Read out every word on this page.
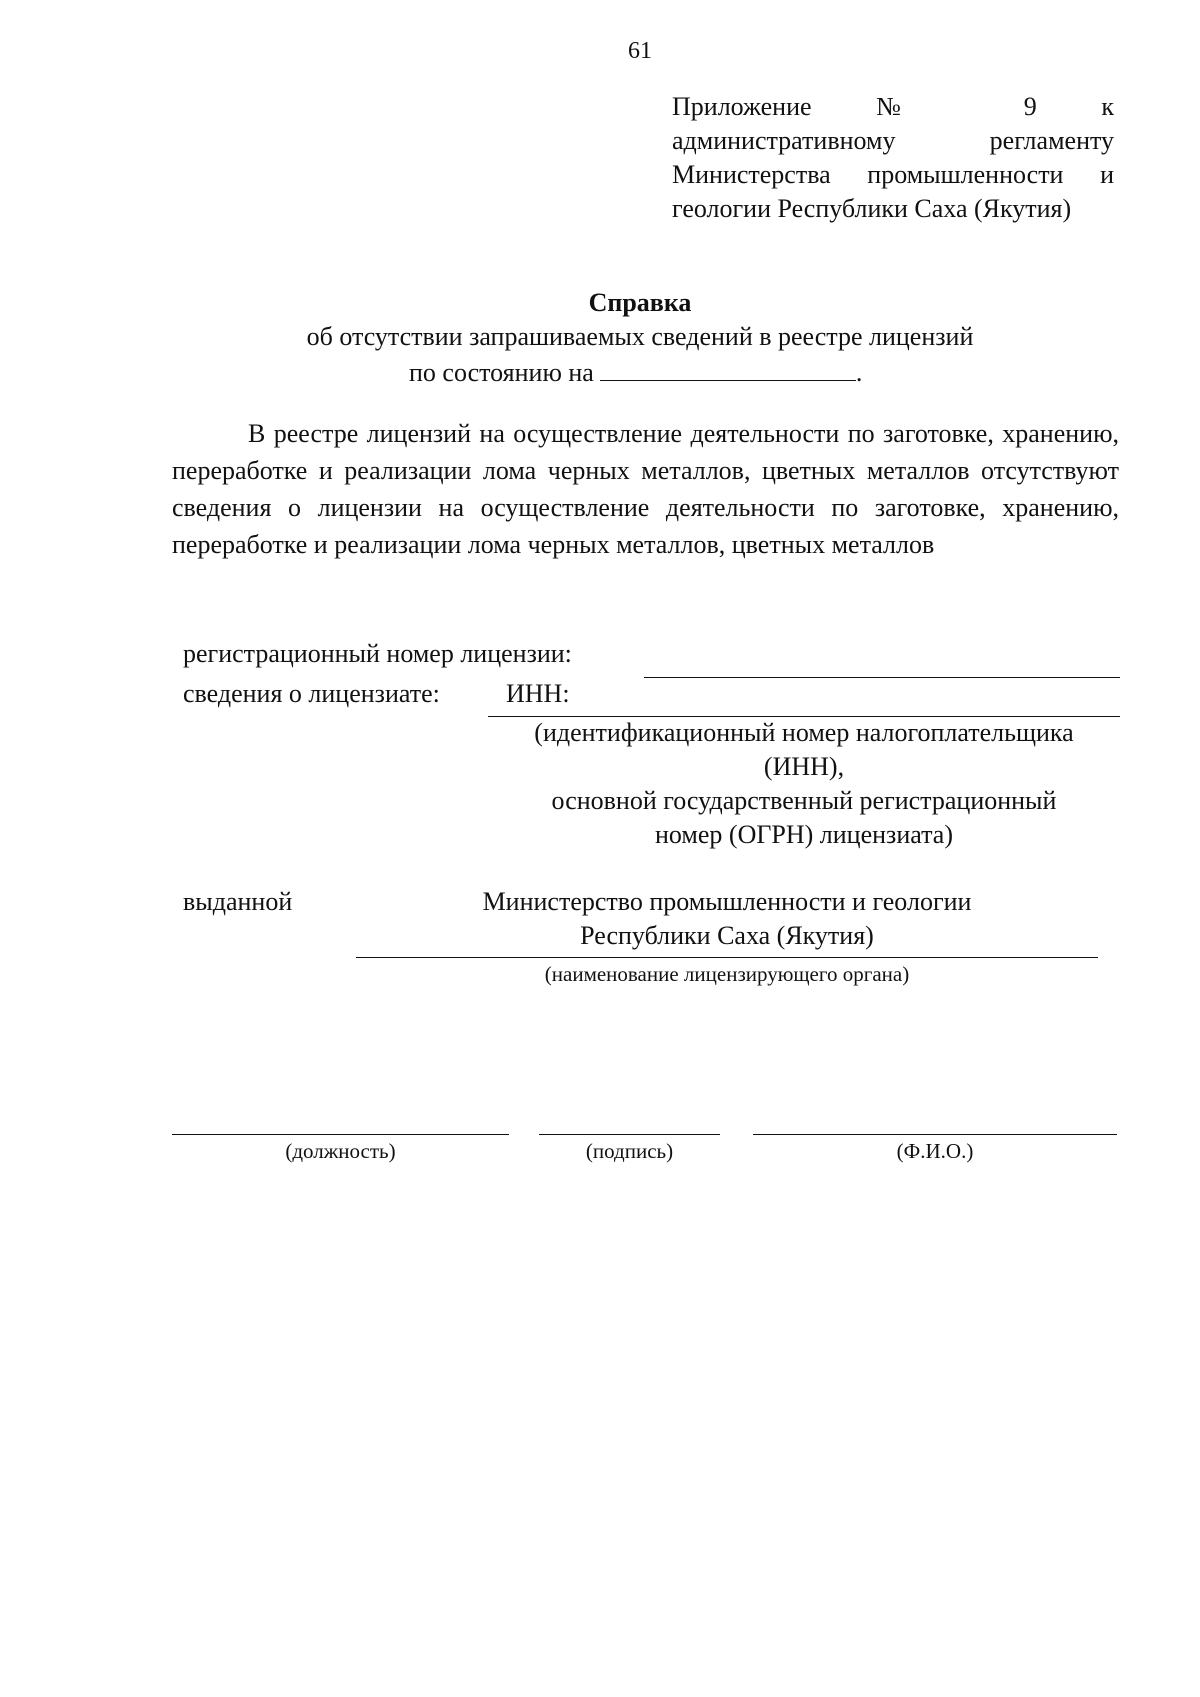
61
Приложение № 9 к
административному	регламенту
Министерства промышленности и
геологии Республики Саха (Якутия)
Справка
об отсутствии запрашиваемых сведений в реестре лицензий
по состоянию на	.
В реестре лицензий на осуществление деятельности по заготовке, хранению, переработке и реализации лома черных металлов, цветных металлов отсутствуют сведения о лицензии на осуществление деятельности по заготовке, хранению, переработке и реализации лома черных металлов, цветных металлов
регистрационный номер лицензии:
сведения о лицензиате:	ИНН:
(идентификационный номер налогоплательщика
(ИНН),
основной государственный регистрационный
номер (ОГРН) лицензиата)
выданной	Министерство промышленности и геологии
Республики Саха (Якутия)
(наименование лицензирующего органа)
(должность)	(подпись)	(Ф.И.О.)
